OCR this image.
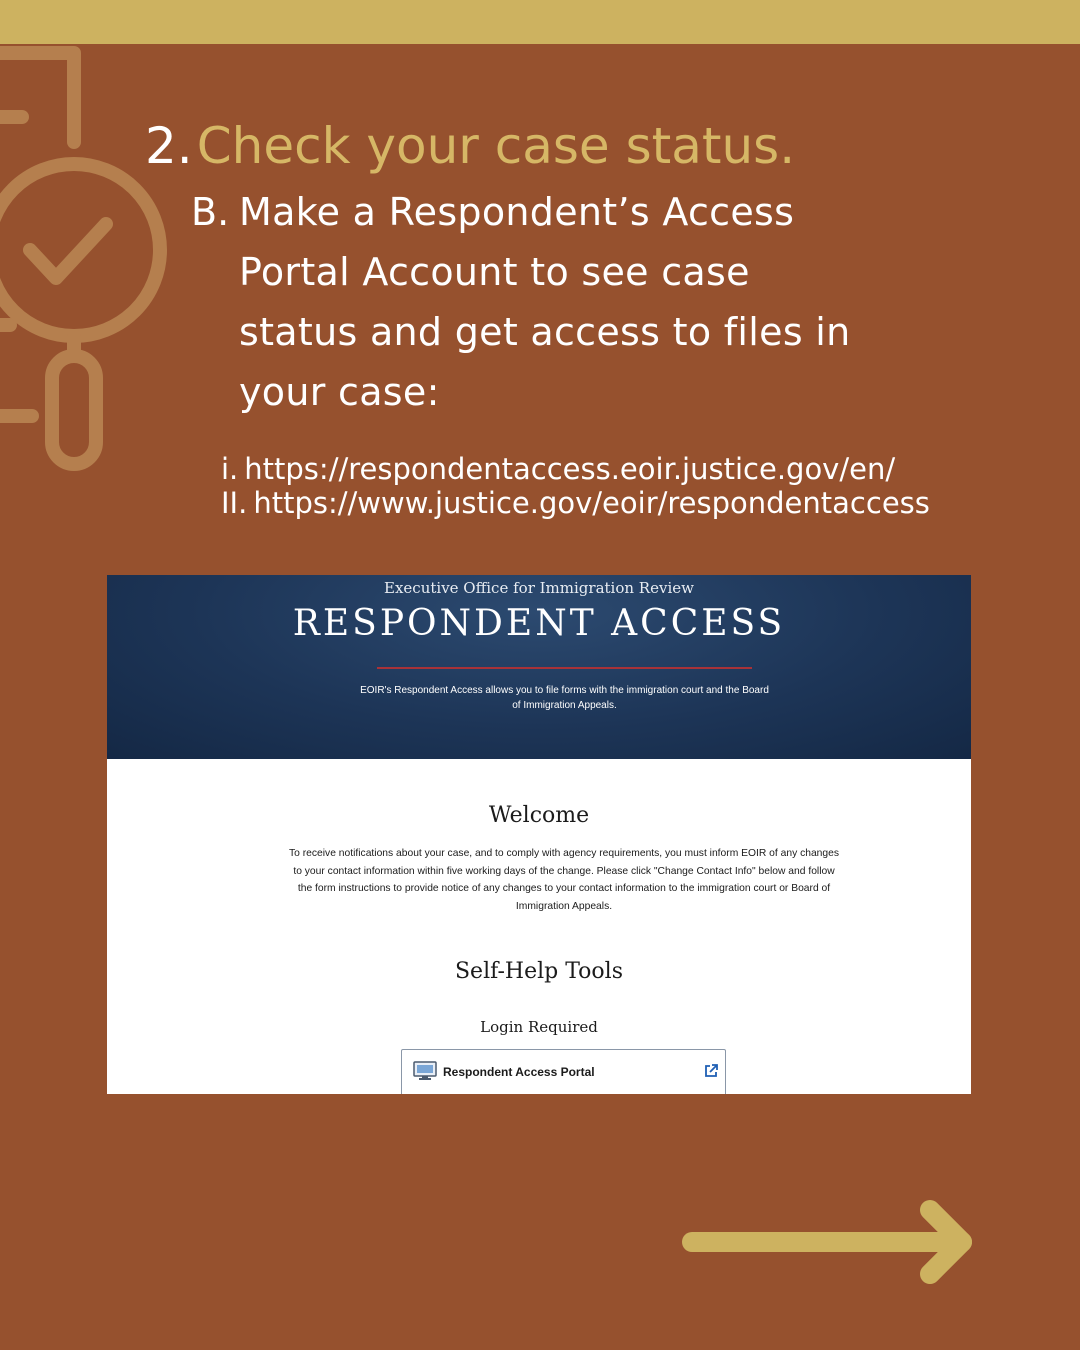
2.Check your case status.
B. Make a Respondent’s Access Portal Account to see case status and get access to files in your case:
i. https://respondentaccess.eoir.justice.gov/en/
II. https://www.justice.gov/eoir/respondentaccess
Executive Office for Immigration Review
RESPONDENT ACCESS
EOIR's Respondent Access allows you to file forms with the immigration court and the Board of Immigration Appeals.
Welcome
To receive notifications about your case, and to comply with agency requirements, you must inform EOIR of any changes to your contact information within five working days of the change. Please click "Change Contact Info" below and follow the form instructions to provide notice of any changes to your contact information to the immigration court or Board of Immigration Appeals.
Self-Help Tools
Login Required
Respondent Access Portal
